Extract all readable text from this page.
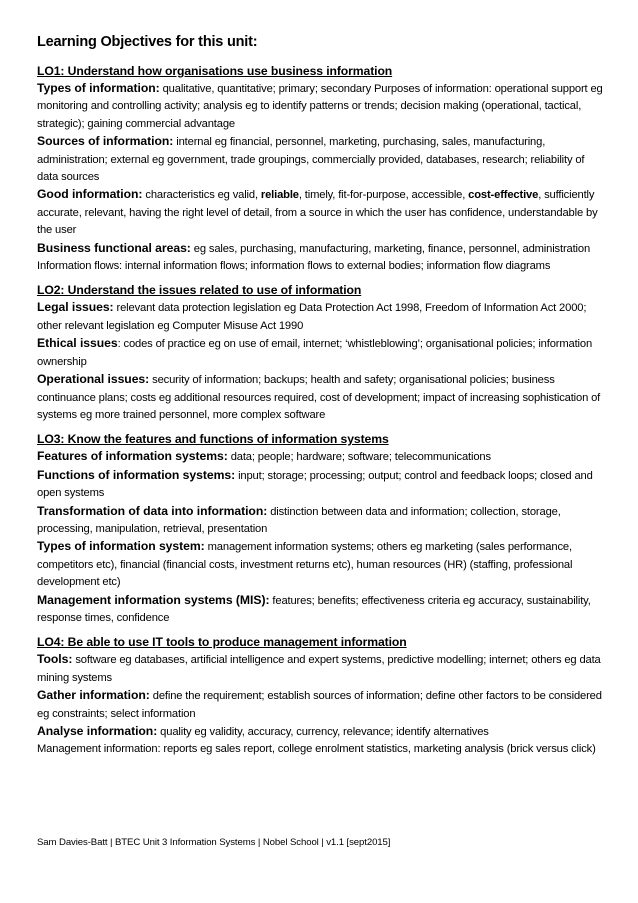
Learning Objectives for this unit:
LO1: Understand how organisations use business information

Types of information: qualitative, quantitative; primary; secondary Purposes of information: operational support eg monitoring and controlling activity; analysis eg to identify patterns or trends; decision making (operational, tactical, strategic); gaining commercial advantage

Sources of information: internal eg financial, personnel, marketing, purchasing, sales, manufacturing, administration; external eg government, trade groupings, commercially provided, databases, research; reliability of data sources

Good information: characteristics eg valid, reliable, timely, fit-for-purpose, accessible, cost-effective, sufficiently accurate, relevant, having the right level of detail, from a source in which the user has confidence, understandable by the user

Business functional areas: eg sales, purchasing, manufacturing, marketing, finance, personnel, administration Information flows: internal information flows; information flows to external bodies; information flow diagrams

LO2: Understand the issues related to use of information

Legal issues: relevant data protection legislation eg Data Protection Act 1998, Freedom of Information Act 2000; other relevant legislation eg Computer Misuse Act 1990

Ethical issues: codes of practice eg on use of email, internet; ‘whistleblowing’; organisational policies; information ownership

Operational issues: security of information; backups; health and safety; organisational policies; business continuance plans; costs eg additional resources required, cost of development; impact of increasing sophistication of systems eg more trained personnel, more complex software

LO3: Know the features and functions of information systems

Features of information systems: data; people; hardware; software; telecommunications

Functions of information systems: input; storage; processing; output; control and feedback loops; closed and open systems

Transformation of data into information: distinction between data and information; collection, storage, processing, manipulation, retrieval, presentation

Types of information system: management information systems; others eg marketing (sales performance, competitors etc), financial (financial costs, investment returns etc), human resources (HR) (staffing, professional development etc)

Management information systems (MIS): features; benefits; effectiveness criteria eg accuracy, sustainability, response times, confidence

LO4: Be able to use IT tools to produce management information

Tools: software eg databases, artificial intelligence and expert systems, predictive modelling; internet; others eg data mining systems

Gather information: define the requirement; establish sources of information; define other factors to be considered eg constraints; select information

Analyse information: quality eg validity, accuracy, currency, relevance; identify alternatives

Management information: reports eg sales report, college enrolment statistics, marketing analysis (brick versus click)

Sam Davies-Batt | BTEC Unit 3 Information Systems | Nobel School | v1.1 [sept2015]
